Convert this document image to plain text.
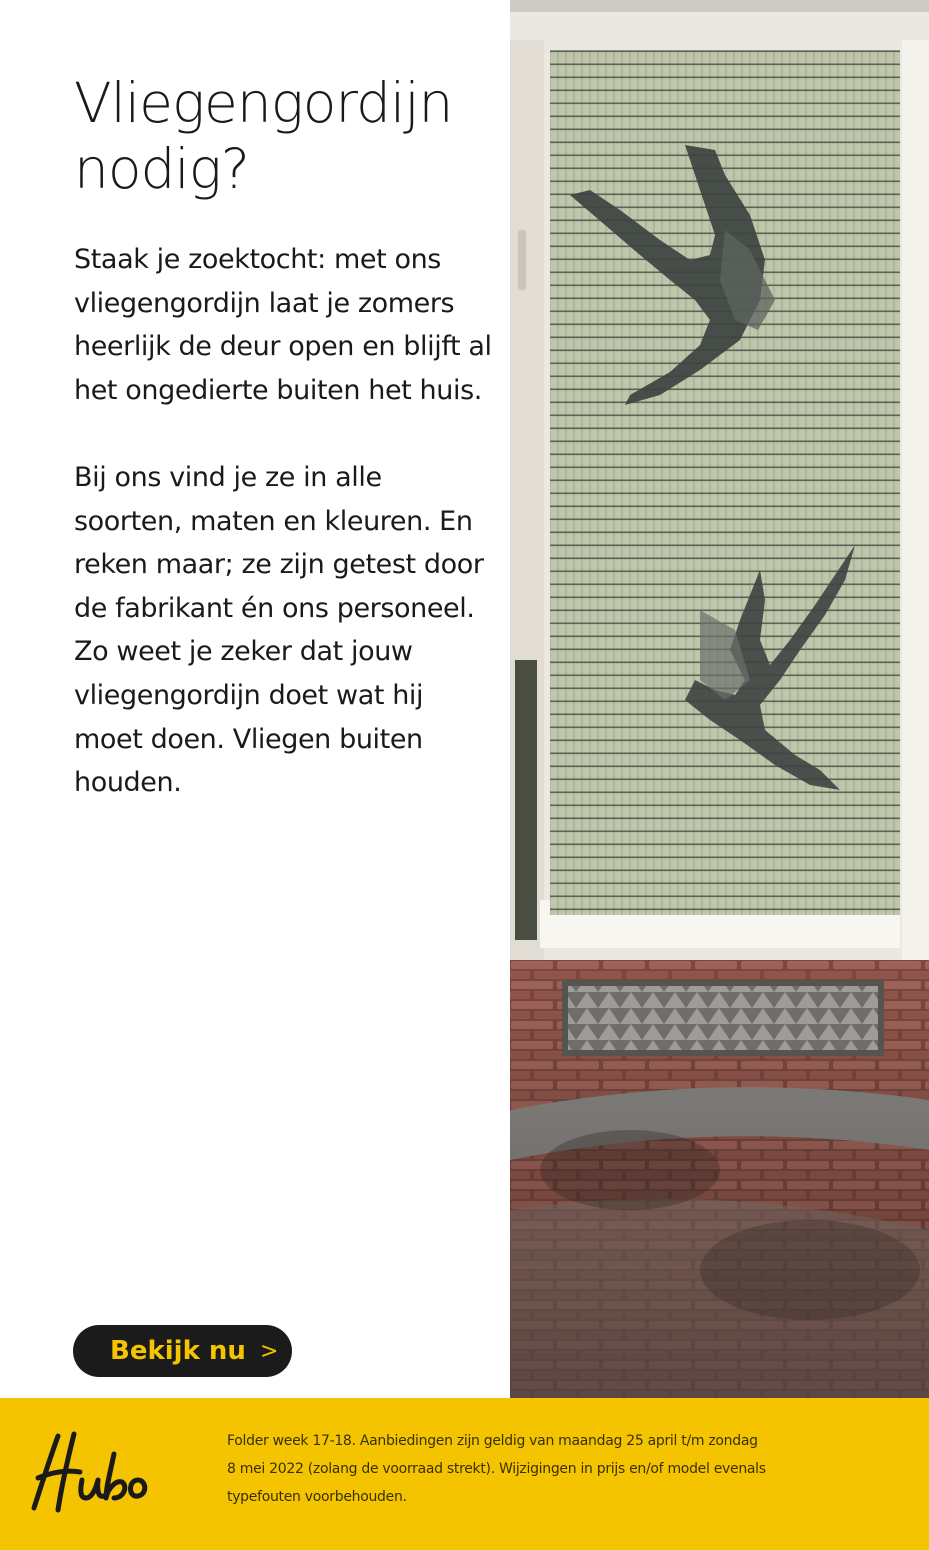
Vliegengordijn nodig?

Staak je zoektocht: met ons vliegengordijn laat je zomers heerlijk de deur open en blijft al het ongedierte buiten het huis.

Bij ons vind je ze in alle soorten, maten en kleuren. En reken maar; ze zijn getest door de fabrikant én ons personeel. Zo weet je zeker dat jouw vliegengordijn doet wat hij moet doen. Vliegen buiten houden.

Bekijk nu >
Folder week 17-18. Aanbiedingen zijn geldig van maandag 25 april t/m zondag 8 mei 2022 (zolang de voorraad strekt). Wijzigingen in prijs en/of model evenals typefouten voorbehouden.
